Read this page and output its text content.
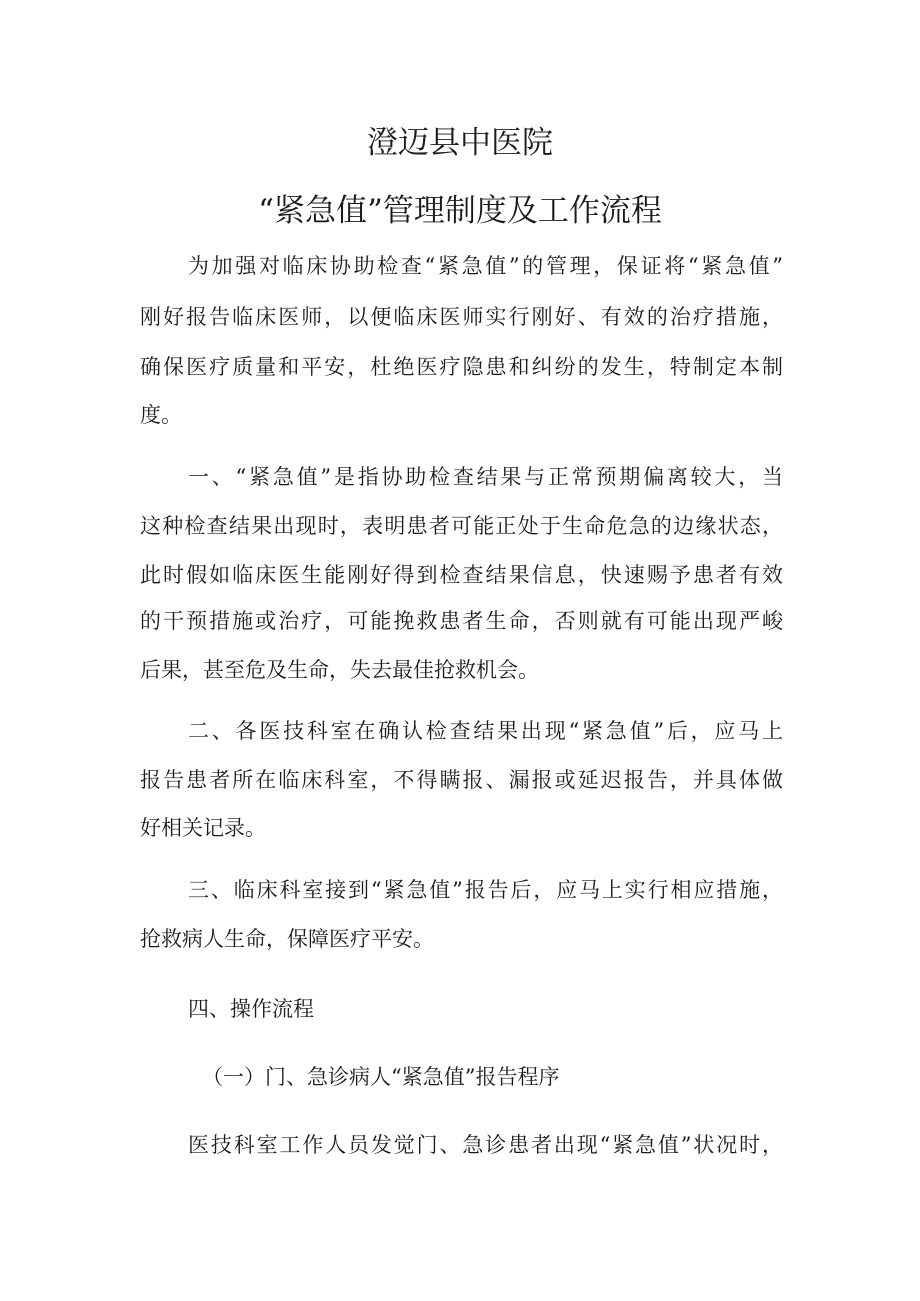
澄迈县中医院
“紧急值”管理制度及工作流程

为加强对临床协助检查“紧急值”的管理，保证将“紧急值”

刚好报告临床医师，以便临床医师实行刚好、有效的治疗措施，

确保医疗质量和平安，杜绝医疗隐患和纠纷的发生，特制定本制

度。

一、“紧急值”是指协助检查结果与正常预期偏离较大，当

这种检查结果出现时，表明患者可能正处于生命危急的边缘状态，

此时假如临床医生能刚好得到检查结果信息，快速赐予患者有效

的干预措施或治疗，可能挽救患者生命，否则就有可能出现严峻

后果，甚至危及生命，失去最佳抢救机会。

二、各医技科室在确认检查结果出现“紧急值”后，应马上

报告患者所在临床科室，不得瞒报、漏报或延迟报告，并具体做

好相关记录。

三、临床科室接到“紧急值”报告后，应马上实行相应措施，

抢救病人生命，保障医疗平安。

四、操作流程

（一）门、急诊病人“紧急值”报告程序

医技科室工作人员发觉门、急诊患者出现“紧急值”状况时，
